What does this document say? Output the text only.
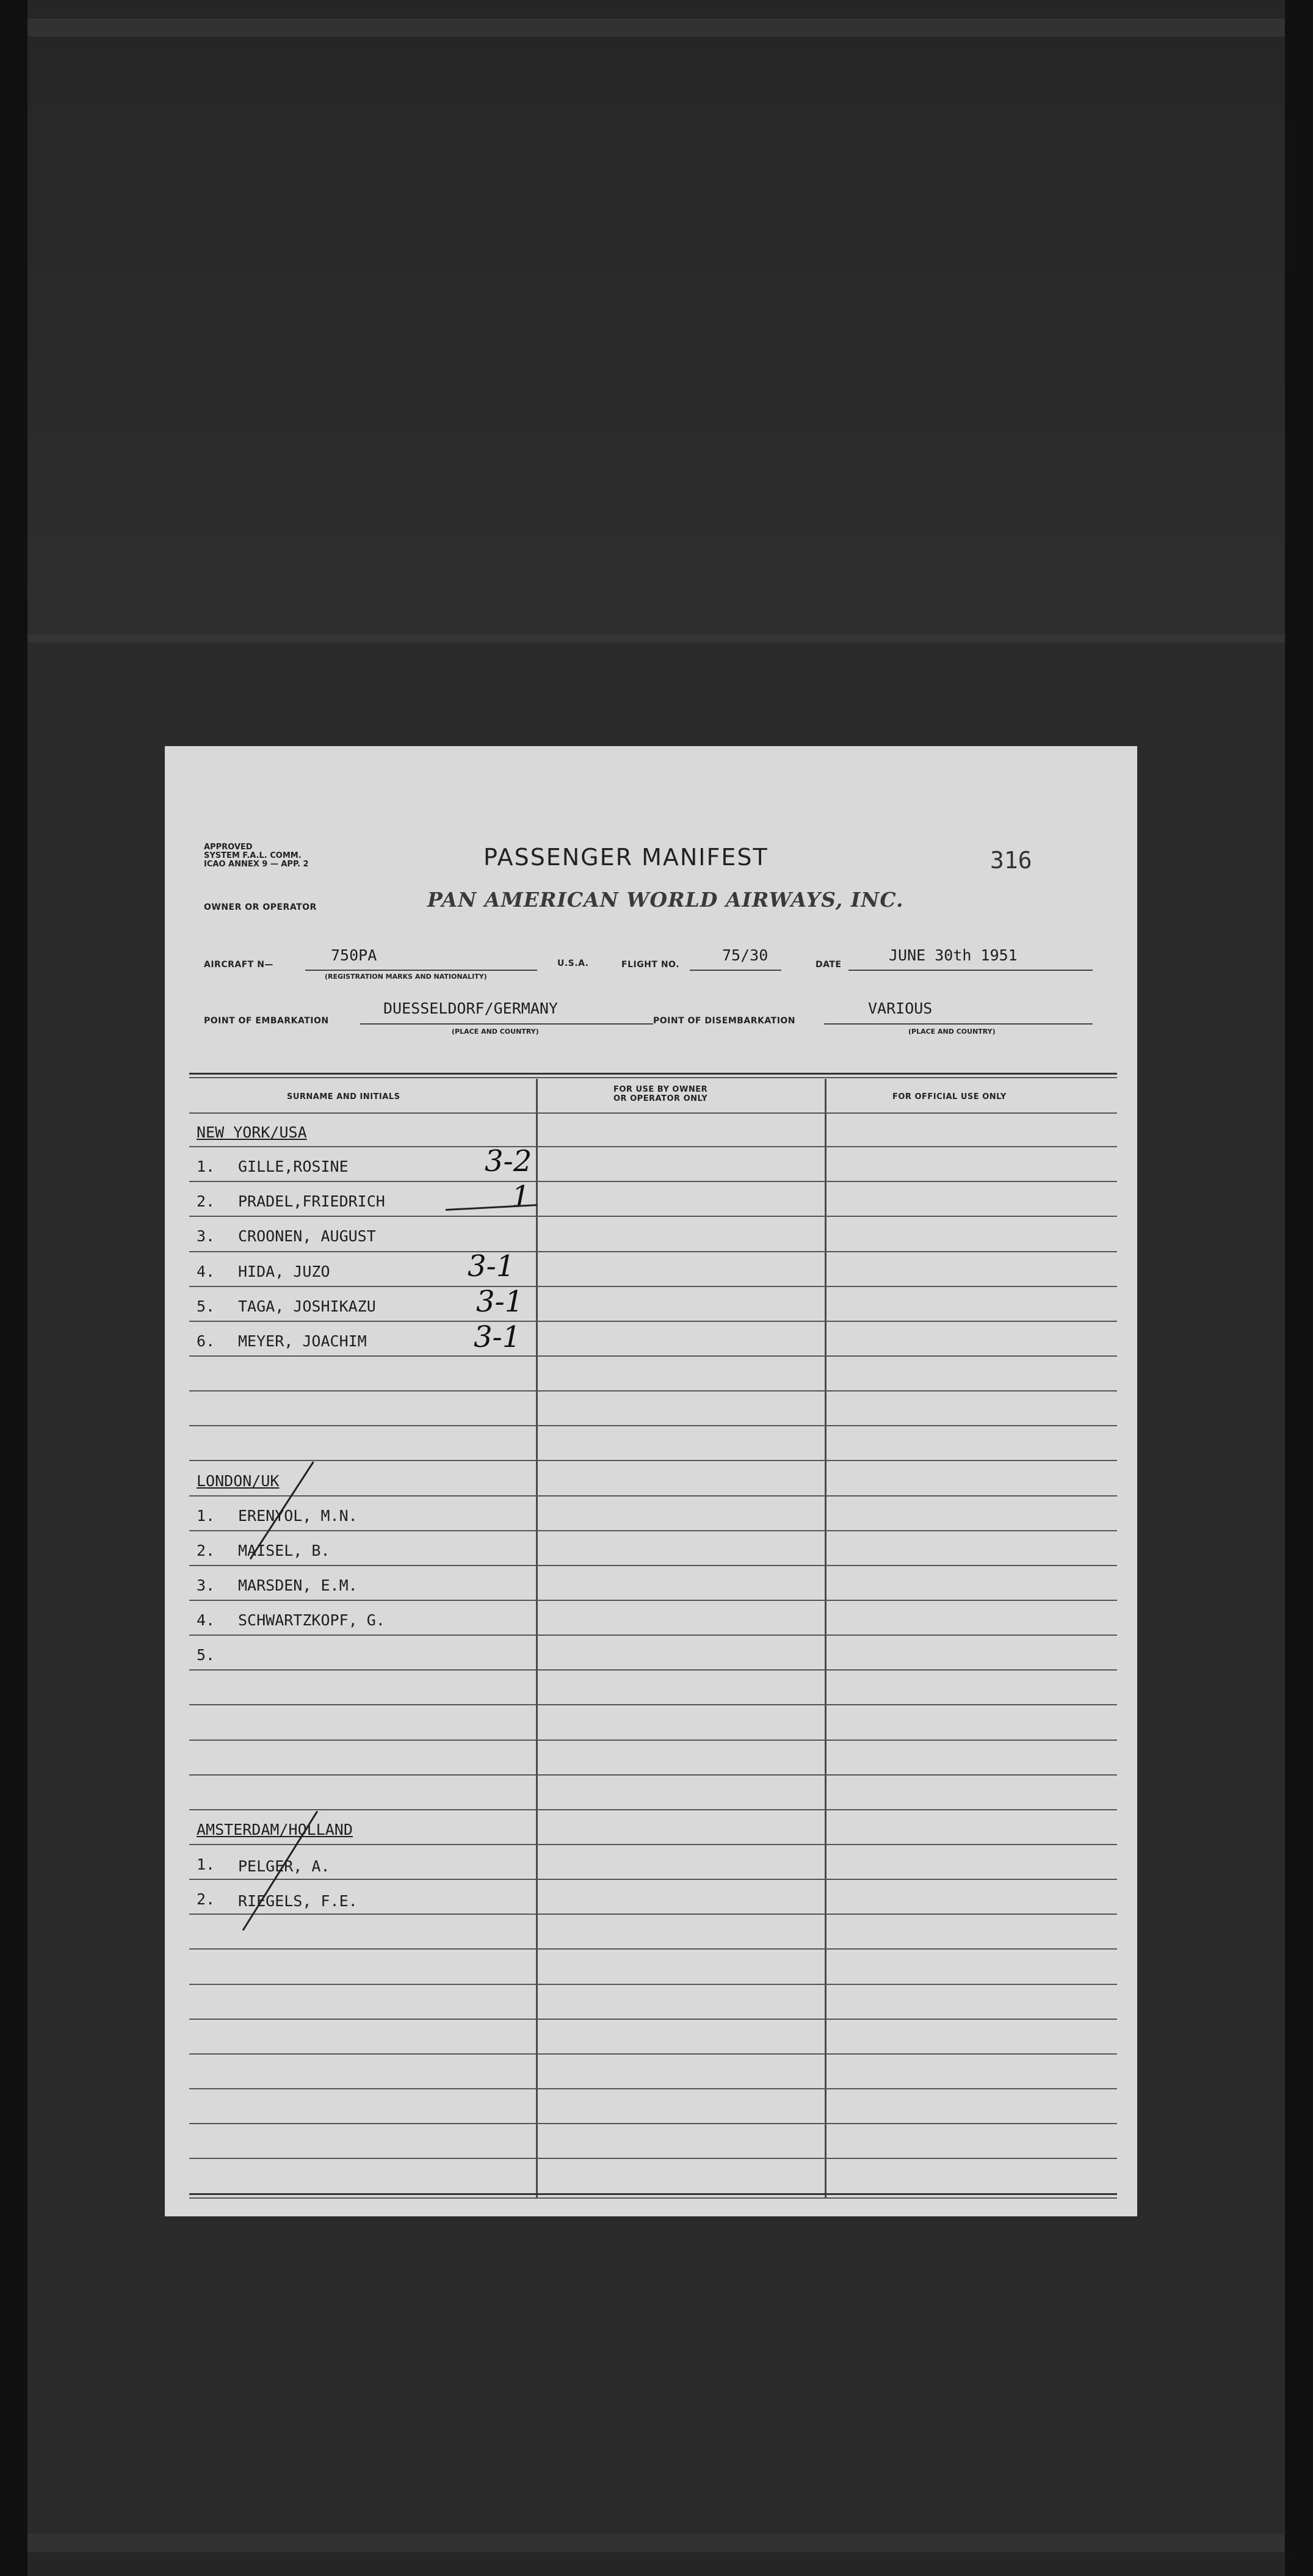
APPROVED
SYSTEM F.A.L. COMM.
ICAO ANNEX 9 — APP. 2	PASSENGER MANIFEST	316
OWNER OR OPERATOR	PAN AMERICAN WORLD AIRWAYS, INC.
AIRCRAFT N—
750PA
(REGISTRATION MARKS AND NATIONALITY)
U.S.A.	FLIGHT NO.
75/30
DATE
JUNE 30th 1951
POINT OF EMBARKATION
DUESSELDORF/GERMANY
(PLACE AND COUNTRY)
POINT OF DISEMBARKATION
VARIOUS
(PLACE AND COUNTRY)
SURNAME AND INITIALS
FOR USE BY OWNER
OR OPERATOR ONLY	FOR OFFICIAL USE ONLY
NEW YORK/USA
1. GILLE,ROSINE	3-2
2. PRADEL,FRIEDRICH	1
3. CROONEN, AUGUST
4. HIDA, JUZO	3-1
5. TAGA, JOSHIKAZU	3-1
6. MEYER, JOACHIM	3-1
LONDON/UK
1. ERENYOL, M.N.
2. MAISEL, B.
3. MARSDEN, E.M.
4. SCHWARTZKOPF, G.
5.
AMSTERDAM/HOLLAND
1. PELGER, A.
2. RIEGELS, F.E.
